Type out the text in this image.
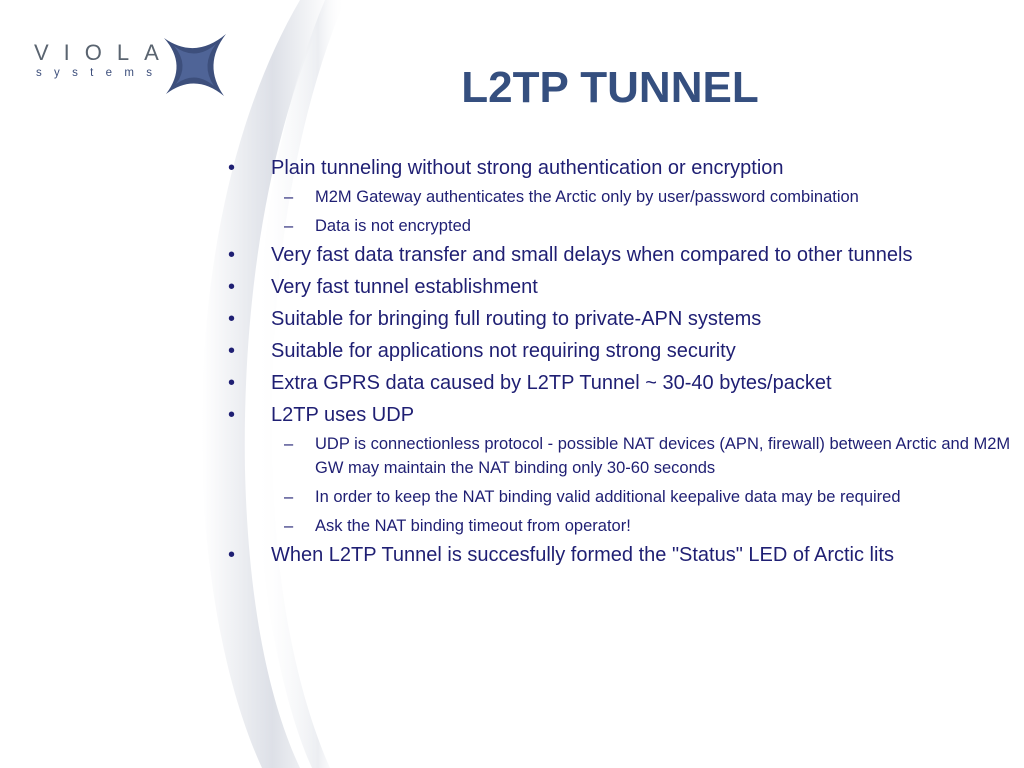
VIOLA
systems	L2TP TUNNEL

• Plain tunneling without strong authentication or encryption

– M2M Gateway authenticates the Arctic only by user/password combination

– Data is not encrypted

• Very fast data transfer and small delays when compared to other tunnels

• Very fast tunnel establishment

• Suitable for bringing full routing to private-APN systems

• Suitable for applications not requiring strong security

• Extra GPRS data caused by L2TP Tunnel ~ 30-40 bytes/packet

• L2TP uses UDP

– UDP is connectionless protocol - possible NAT devices (APN, firewall) between Arctic and M2M GW may maintain the NAT binding only 30-60 seconds

– In order to keep the NAT binding valid additional keepalive data may be required

– Ask the NAT binding timeout from operator!

• When L2TP Tunnel is succesfully formed the "Status" LED of Arctic lits
